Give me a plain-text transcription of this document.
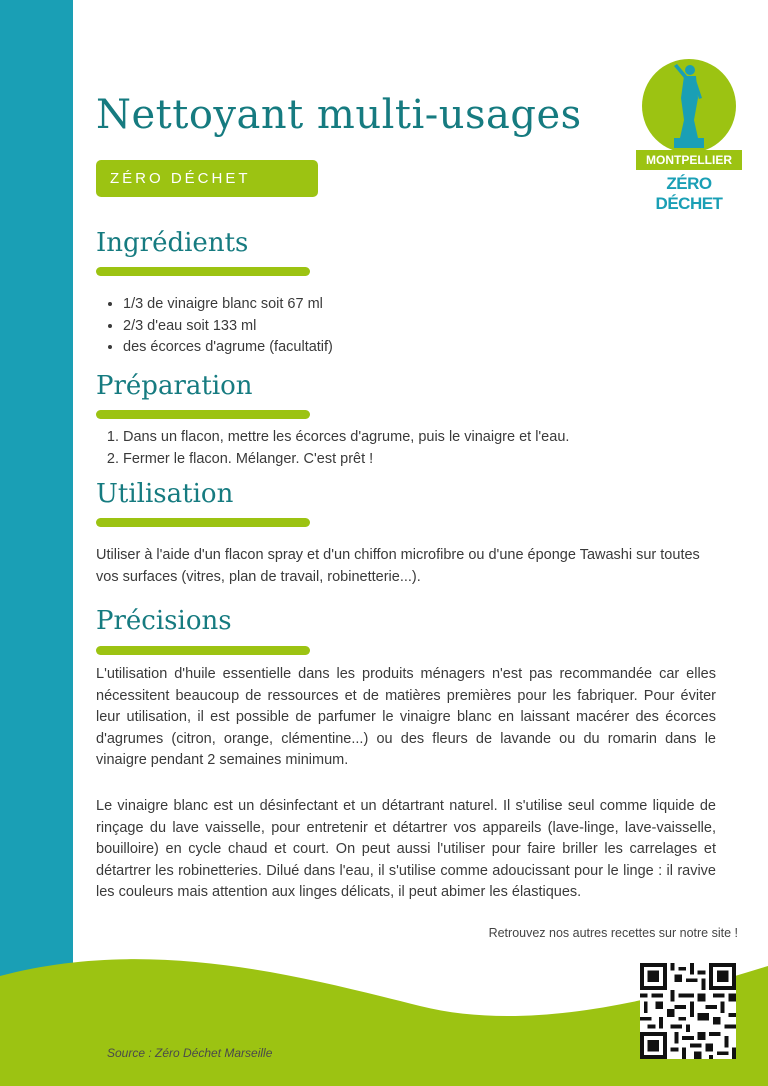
Nettoyant multi-usages
ZÉRO DÉCHET
MONTPELLIER
ZÉRO DÉCHET
Ingrédients
• 1/3 de vinaigre blanc soit 67 ml
• 2/3 d'eau soit 133 ml
• des écorces d'agrume (facultatif)
Préparation
1. Dans un flacon, mettre les écorces d'agrume, puis le vinaigre et l'eau.
2. Fermer le flacon. Mélanger. C'est prêt !
Utilisation

Utiliser à l'aide d'un flacon spray et d'un chiffon microfibre ou d'une éponge Tawashi sur toutes vos surfaces (vitres, plan de travail, robinetterie...).

Précisions

L'utilisation d'huile essentielle dans les produits ménagers n'est pas recommandée car elles nécessitent beaucoup de ressources et de matières premières pour les fabriquer. Pour éviter leur utilisation, il est possible de parfumer le vinaigre blanc en laissant macérer des écorces d'agrumes (citron, orange, clémentine...) ou des fleurs de lavande ou du romarin dans le vinaigre pendant 2 semaines minimum.

Le vinaigre blanc est un désinfectant et un détartrant naturel. Il s'utilise seul comme liquide de rinçage du lave vaisselle, pour entretenir et détartrer vos appareils (lave-linge, lave-vaisselle, bouilloire) en cycle chaud et court. On peut aussi l'utiliser pour faire briller les carrelages et détartrer les robinetteries. Dilué dans l'eau, il s'utilise comme adoucissant pour le linge : il ravive les couleurs mais attention aux linges délicats, il peut abimer les élastiques.

Retrouvez nos autres recettes sur notre site !

Source : Zéro Déchet Marseille
